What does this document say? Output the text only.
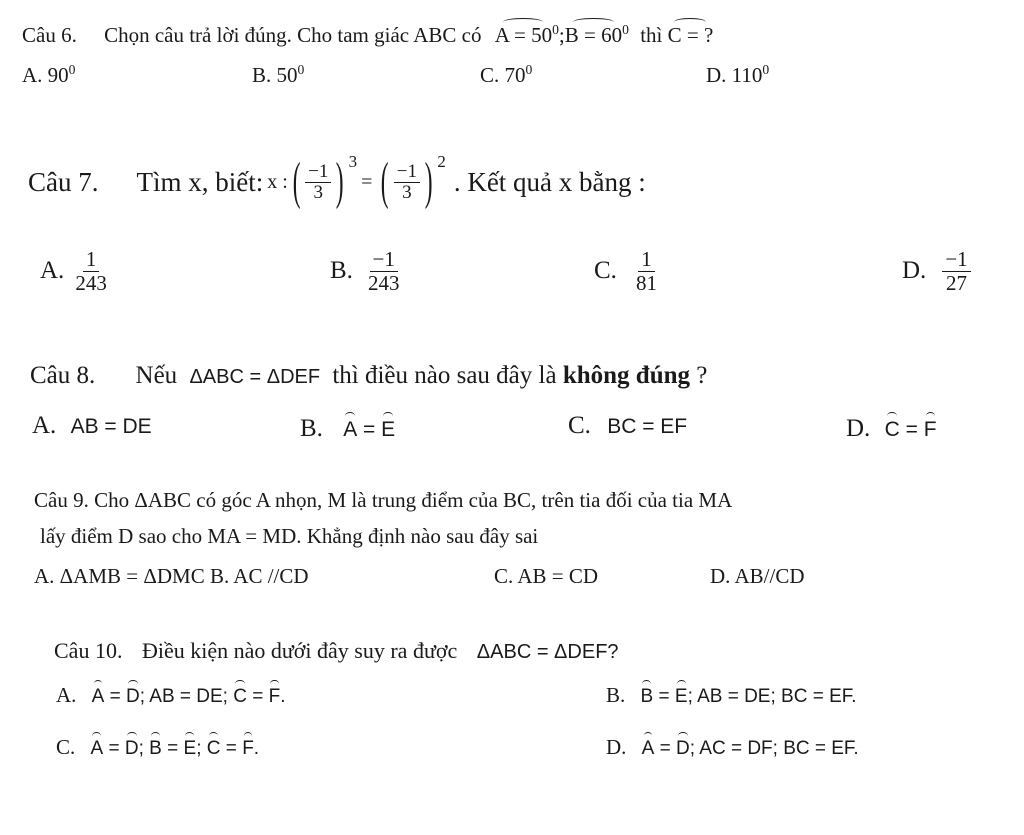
Câu 6. Chọn câu trả lời đúng. Cho tam giác ABC có $A = 50^0;B = 60^0$ thì C = ?
A. $90^0$	B. $50^0$	C. $70^0$	D. $110^0$
Câu 7. Tìm x, biết: x : ( $\frac{-1}{3}$ ) $^3$
= ( $\frac{-1}{3}$ ) $^2$
. Kết quả x bằng :
A. $\frac{1}{243}$	B. $\frac{-1}{243}$	C. $\frac{1}{81}$	D. $\frac{-1}{27}$
Câu 8. Nếu ΔABC = ΔDEF thì điều nào sau đây là không đúng ?
A. AB = DE	B. A = E	C. BC = EF	D. C = F
Câu 9. Cho ΔABC có góc A nhọn, M là trung điểm của BC, trên tia đối của tia MA
lấy điểm D sao cho MA = MD. Khẳng định nào sau đây sai
A. ΔAMB = ΔDMC B. AC //CD	C. AB = CD	D. AB//CD
Câu 10. Điều kiện nào dưới đây suy ra được ΔABC = ΔDEF?
A. A = D; AB = DE; C = F.	B. B = E; AB = DE; BC = EF.
C. A = D; B = E; C = F.	D. A = D; AC = DF; BC = EF.
